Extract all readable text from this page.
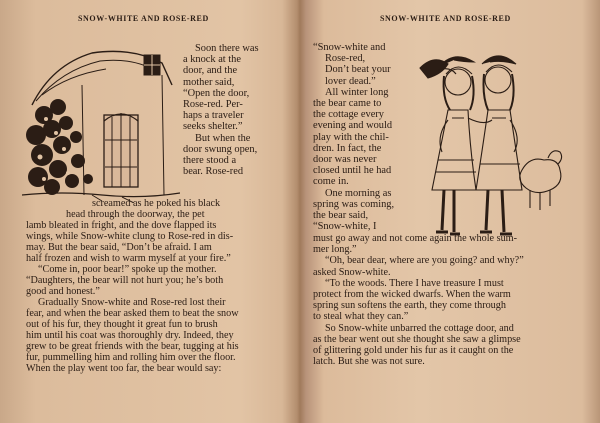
SNOW-WHITE AND ROSE-RED
Soon there was
a knock at the
door, and the
mother said,
“Open the door,
Rose-red. Per-
haps a traveler
seeks shelter.”
But when the
door swung open,
there stood a
bear. Rose-red
screamed as he poked his black
head through the doorway, the pet
lamb bleated in fright, and the dove flapped its
wings, while Snow-white clung to Rose-red in dis-
may. But the bear said, “Don’t be afraid. I am
half frozen and wish to warm myself at your fire.”
“Come in, poor bear!” spoke up the mother.
“Daughters, the bear will not hurt you; he’s both
good and honest.”
Gradually Snow-white and Rose-red lost their
fear, and when the bear asked them to beat the snow
out of his fur, they thought it great fun to brush
him until his coat was thoroughly dry. Indeed, they
grew to be great friends with the bear, tugging at his
fur, pummelling him and rolling him over the floor.
When the play went too far, the bear would say:
SNOW-WHITE AND ROSE-RED
“Snow-white and
Rose-red,
Don’t beat your
lover dead.”
All winter long
the bear came to
the cottage every
evening and would
play with the chil-
dren. In fact, the
door was never
closed until he had
come in.
One morning as
spring was coming,
the bear said,
“Snow-white, I
must go away and not come again the whole sum-
mer long.”
“Oh, bear dear, where are you going? and why?”
asked Snow-white.
“To the woods. There I have treasure I must
protect from the wicked dwarfs. When the warm
spring sun softens the earth, they come through
to steal what they can.”
So Snow-white unbarred the cottage door, and
as the bear went out she thought she saw a glimpse
of glittering gold under his fur as it caught on the
latch. But she was not sure.
